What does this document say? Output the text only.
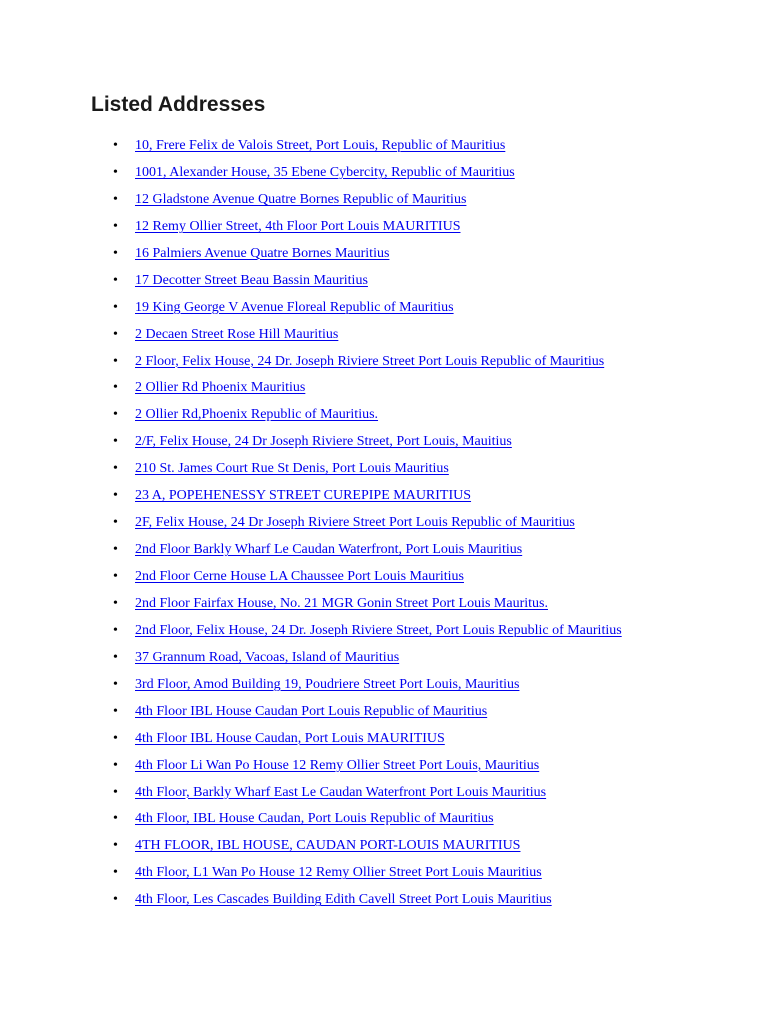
Listed Addresses
• 10, Frere Felix de Valois Street, Port Louis, Republic of Mauritius
• 1001, Alexander House, 35 Ebene Cybercity, Republic of Mauritius
• 12 Gladstone Avenue Quatre Bornes Republic of Mauritius
• 12 Remy Ollier Street, 4th Floor Port Louis MAURITIUS
• 16 Palmiers Avenue Quatre Bornes Mauritius
• 17 Decotter Street Beau Bassin Mauritius
• 19 King George V Avenue Floreal Republic of Mauritius
• 2 Decaen Street Rose Hill Mauritius
• 2 Floor, Felix House, 24 Dr. Joseph Riviere Street Port Louis Republic of Mauritius
• 2 Ollier Rd Phoenix Mauritius
• 2 Ollier Rd,Phoenix Republic of Mauritius.
• 2/F, Felix House, 24 Dr Joseph Riviere Street, Port Louis, Mauitius
• 210 St. James Court Rue St Denis, Port Louis Mauritius
• 23 A, POPEHENESSY STREET CUREPIPE MAURITIUS
• 2F, Felix House, 24 Dr Joseph Riviere Street Port Louis Republic of Mauritius
• 2nd Floor Barkly Wharf Le Caudan Waterfront, Port Louis Mauritius
• 2nd Floor Cerne House LA Chaussee Port Louis Mauritius
• 2nd Floor Fairfax House, No. 21 MGR Gonin Street Port Louis Mauritus.
• 2nd Floor, Felix House, 24 Dr. Joseph Riviere Street, Port Louis Republic of Mauritius
• 37 Grannum Road, Vacoas, Island of Mauritius
• 3rd Floor, Amod Building 19, Poudriere Street Port Louis, Mauritius
• 4th Floor IBL House Caudan Port Louis Republic of Mauritius
• 4th Floor IBL House Caudan, Port Louis MAURITIUS
• 4th Floor Li Wan Po House 12 Remy Ollier Street Port Louis, Mauritius
• 4th Floor, Barkly Wharf East Le Caudan Waterfront Port Louis Mauritius
• 4th Floor, IBL House Caudan, Port Louis Republic of Mauritius
• 4TH FLOOR, IBL HOUSE, CAUDAN PORT-LOUIS MAURITIUS
• 4th Floor, L1 Wan Po House 12 Remy Ollier Street Port Louis Mauritius
• 4th Floor, Les Cascades Building Edith Cavell Street Port Louis Mauritius
